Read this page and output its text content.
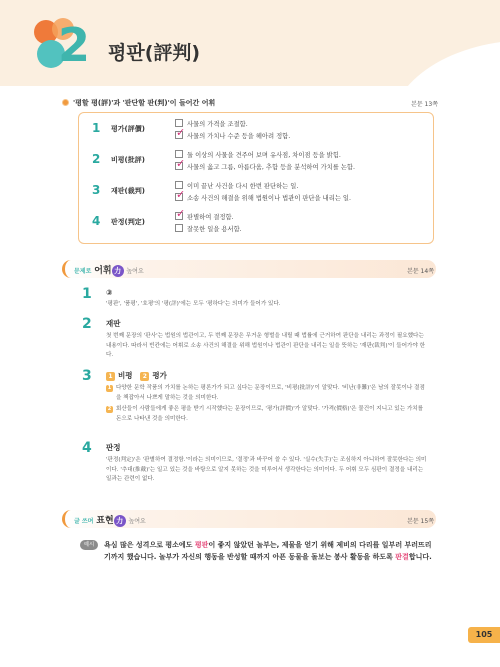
2 평판(評判)
'평할 평(評)'과 '판단할 판(判)'이 들어간 어휘	본문 13쪽
1 평가(評價)
사물의 가격을 조절함.
✓ 사물의 가치나 수준 등을 헤아려 정함.
2 비평(批評)
둘 이상의 사물을 견주어 보며 유사점, 차이점 등을 밝힘.
✓ 사물의 옳고 그름, 아름다움, 추함 등을 분석하여 가치를 논함.
3 재판(裁判)
이미 끝난 사건을 다시 한번 판단하는 일.
✓ 소송 사건의 해결을 위해 법원이나 법관이 판단을 내리는 일.
4 판정(判定)
✓ 판별하여 결정함.
잘못한 일을 용서함.
문제로 어휘 力 높여요	본문 14쪽
1 ③
'평판', '품평', '호평'의 '평(評)'에는 모두 '평하다'는 의미가 들어가 있다.
2 재판
첫 번째 문장의 '판사'는 법원의 법관이고, 두 번째 문장은 무거운 형벌을 내릴 때 법률에 근거하여 판단을 내리는 과정이 필요했다는 내용이다. 따라서 빈칸에는 어휘로 소송 사건의 해결을 위해 법원이나 법관이 판단을 내리는 일을 뜻하는 '재판(裁判)'이 들어가야 한다.
3	1 비평 2 평가
1 다양한 문학 작품의 가치를 논하는 평론가가 되고 싶다는 문장이므로, '비평(批評)'이 알맞다. '비난(非難)'은 남의 잘못이나 결점을 책잡아서 나쁘게 말하는 것을 의미한다.
2 회산들이 사람들에게 좋은 평을 받기 시작했다는 문장이므로, '평가(評價)'가 알맞다. '가격(價格)'은 물건이 지니고 있는 가치를 돈으로 나타낸 것을 의미한다.
4 판정
'판정(判定)'은 '판별하여 결정함.'이라는 의미이므로, '결정'과 바꾸어 쓸 수 있다. '실수(失手)'는 조심하지 아니하여 잘못한다는 의미이다. '추대(推戴)'는 일고 있는 것을 바탕으로 알지 못하는 것을 미루어서 생각한다는 의미이다. 두 어휘 모두 심판이 결정을 내리는 일과는 관련이 없다.
글 쓰며 표현 力 높여요	본문 15쪽
예시	욕심 많은 성격으로 평소에도 평판이 좋지 않았던 놀부는, 제물을 얻기 위해 제비의 다리를 일부러 부러뜨리기까지 했습니다. 놀부가 자신의 행동을 반성할 때까지 아픈 동물을 돌보는 봉사 활동을 하도록 판결합니다.
105
